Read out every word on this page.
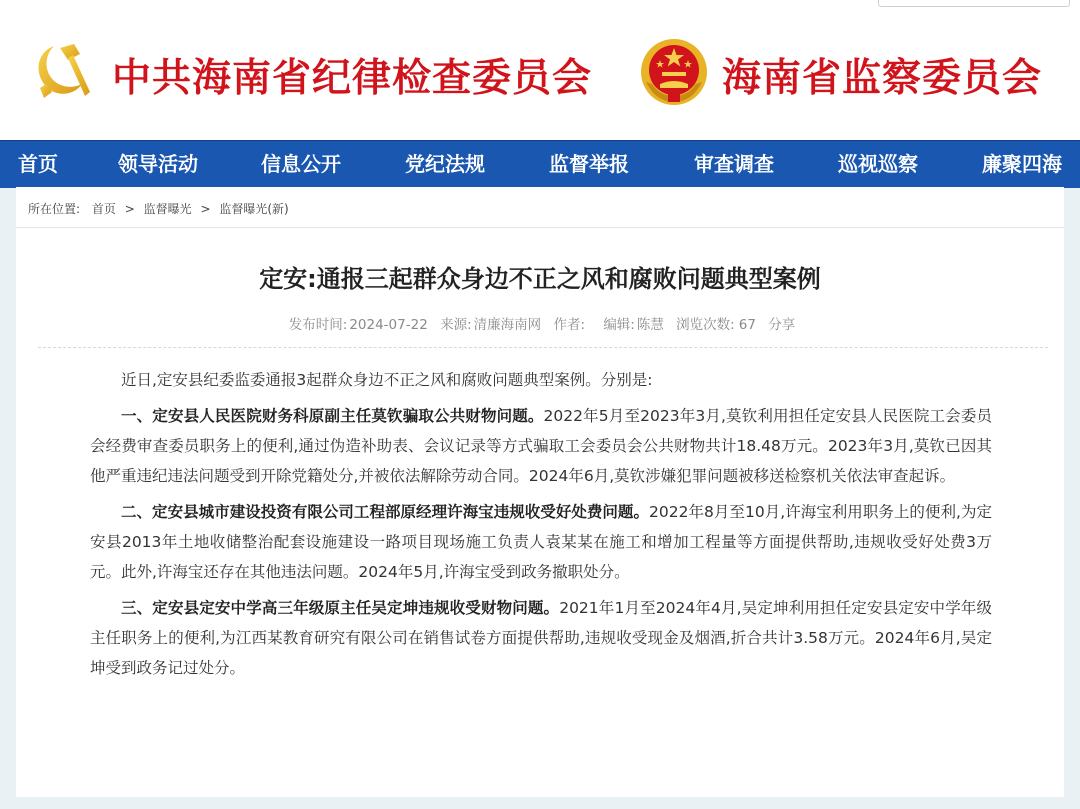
中共海南省纪律检查委员会	海南省监察委员会
首页	领导活动	信息公开	党纪法规	监督举报	审查调查	巡视巡察	廉聚四海
所在位置: 首页 > 监督曝光 > 监督曝光(新)
定安:通报三起群众身边不正之风和腐败问题典型案例
发布时间: 2024-07-22 来源: 清廉海南网 作者: 编辑: 陈慧 浏览次数: 67 分享

近日,定安县纪委监委通报3起群众身边不正之风和腐败问题典型案例。分别是:

一、定安县人民医院财务科原副主任莫钦骗取公共财物问题。2022年5月至2023年3月,莫钦利用担任定安县人民医院工会委员会经费审查委员职务上的便利,通过伪造补助表、会议记录等方式骗取工会委员会公共财物共计18.48万元。2023年3月,莫钦已因其他严重违纪违法问题受到开除党籍处分,并被依法解除劳动合同。2024年6月,莫钦涉嫌犯罪问题被移送检察机关依法审查起诉。

二、定安县城市建设投资有限公司工程部原经理许海宝违规收受好处费问题。2022年8月至10月,许海宝利用职务上的便利,为定安县2013年土地收储整治配套设施建设一路项目现场施工负责人袁某某在施工和增加工程量等方面提供帮助,违规收受好处费3万元。此外,许海宝还存在其他违法问题。2024年5月,许海宝受到政务撤职处分。

三、定安县定安中学高三年级原主任吴定坤违规收受财物问题。2021年1月至2024年4月,吴定坤利用担任定安县定安中学年级主任职务上的便利,为江西某教育研究有限公司在销售试卷方面提供帮助,违规收受现金及烟酒,折合共计3.58万元。2024年6月,吴定坤受到政务记过处分。
